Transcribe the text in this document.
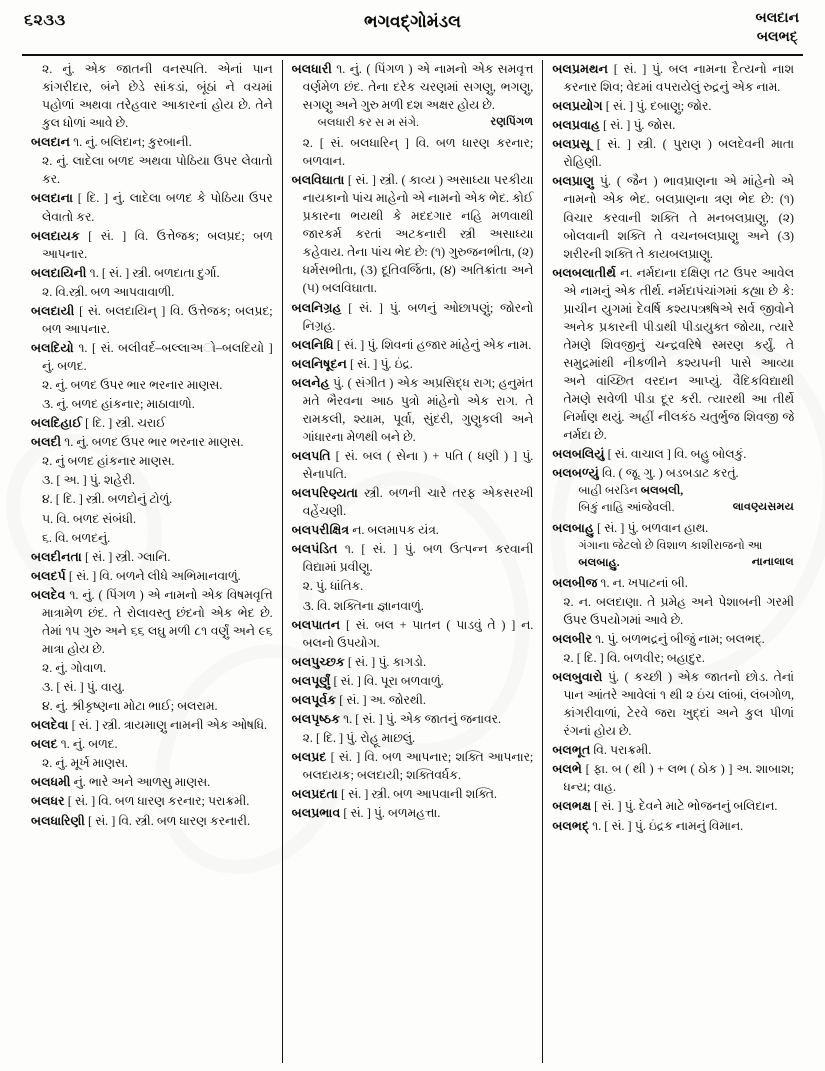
૬૨૩૩	ભગવદ્‌ગોમંડલ	બલદાન
બલભદ્

૨. નું. એક જાતની વનસ્પતિ. એનાં પાન કાંગરીદાર, બંને છેડે સાંકડાં, બૂંઠાં ને વચમાં પહોળાં અથવા તરેહવાર આકારનાં હોય છે. તેને કુલ ધોળાં આવે છે.

બલદાન ૧. નું. બલિદાન; કુરબાની.

૨. નું. લાદેલા બળદ અથવા પોઠિયા ઉપર લેવાતો કર.

બલદાના [ દિ. ] નું. લાદેલા બળદ કે પોઠિયા ઉપર લેવાતો કર.

બલદાયક [ સં. ] વિ. ઉત્તેજક; બલપ્રદ; બળ આપનાર.

બલદાયિની ૧. [ સં. ] સ્ત્રી. બળદાતા દુર્ગા.

૨. વિ.સ્ત્રી. બળ આપવાવાળી.

બલદાયી [ સં. બલદાયિન્ ] વિ. ઉત્તેજક; બલપ્રદ; બળ આપનાર.

બલદિયો ૧. [ સં. બલીવર્દ–બલ્લાઅો–બલદિયો ] નું. બળદ.

૨. નું. બળદ ઉપર ભાર ભરનાર માણસ.

૩. નું. બળદ હાંકનાર; માઠાવાળો.

બલદિહાઈ [ દિ. ] સ્ત્રી. ચરાઈ

બલદી ૧. નું. બળદ ઉપર ભાર ભરનાર માણસ.

૨. નું બળદ હાંકનાર માણસ.

૩. [ અ. ] પું. શહેરી.

૪. [ દિ. ] સ્ત્રી. બળદોનું ટોળું.

૫. વિ. બળદ સંબંધી.

૬. વિ. બળદનું.

બલદીનતા [ સં. ] સ્ત્રી. ગ્લાનિ.

બલદર્પ [ સં. ] વિ. બળને લીધે અભિમાનવાળું.

બલદેવ ૧. નું. ( પિંગળ ) એ નામનો એક વિષમવૃત્તિ માત્રામેળ છંદ. તે રોલાવસ્તુ છંદનો એક ભેદ છે. તેમાં ૧૫ ગુરુ અને ૬૬ લઘુ મળી ૮૧ વર્ણું અને ૯૬ માત્રા હોય છે.

૨. નું. ગોવાળ.

૩. [ સં. ] પું. વાયુ.

૪. નું. શ્રીકૃષ્ણના મોટા ભાઈ; બલરામ.

બલદેવા [ સં. ] સ્ત્રી. ત્રાયમાણુ નામની એક ઓષધિ.

બલદ ૧. નું. બળદ.

૨. નું. મૂર્ખ માણસ.

બલધમી નું. ભારે અને આળસુ માણસ.

બલધર [ સં. ] વિ. બળ ધારણ કરનાર; પરાક્રમી.

બલધારિણી [ સં. ] વિ. સ્ત્રી. બળ ધારણ કરનારી.

બલધારી ૧. નું. ( પિંગળ ) એ નામનો એક સમવૃત્ત વર્ણમેળ છંદ. તેના દરેક ચરણમાં સગણુ, ભગણુ, સગણુ અને ગુરુ મળી દશ અક્ષર હોય છે.

રણપિંગળ
બલધારી કર સ મ સંગે.

૨. [ સં. બલધારિન્ ] વિ. બળ ધારણ કરનાર; બળવાન.

બલવિઘાતા [ સં. ] સ્ત્રી. ( કાવ્ય ) અસાધ્યા પરકીયા નાયકાનો પાંચ માહેનો એ નામનો એક ભેદ. કોઈ પ્રકારના ભયથી કે મદદગાર નહિ મળવાથી જારકર્મ કરતાં અટકનારી સ્ત્રી અસાધ્યા કહેવાય. તેના પાંચ ભેદ છે: (૧) ગુરુજનભીતા, (૨) ધર્મસભીતા, (૩) દૂતિવર્જિતા, (૪) અતિક્રાંતા અને (૫) બલવિઘાતા.

બલનિગ્રહ [ સં. ] પું. બળનું ઓછાપણું; જોરનો નિગ્રહ.

બલનિધિ [ સં. ] પું. શિવનાં હજાર માંહેનું એક નામ.

બલનિષૂદન [ સં. ] પું. ઇંદ્ર.

બલનેહ પું. ( સંગીત ) એક અપ્રસિદ્ધ રાગ; હનુમંત મતે ભૈરવના આઠ પુત્રો માંહેનો એક રાગ. તે રામકલી, શ્યામ, પૂર્વા, સુંદરી, ગુણુકલી અને ગાંધારના મેળથી બને છે.

બલપતિ [ સં. બલ ( સેના ) + પતિ ( ધણી ) ] પું. સેનાપતિ.

બલપરિણ્યતા સ્ત્રી. બળની ચારે તરફ એકસરખી વહેંચણી.

બલપરીક્ષિત્ર ન. બલમાપક યંત્ર.

બલપંડિત ૧. [ સં. ] પું. બળ ઉત્પન્ન કરવાની વિદ્યામાં પ્રવીણુ.

૨. પું. ધાંતિક.

૩. વિ. શક્તિના જ્ઞાનવાળું.

બલપાતન [ સં. બલ + પાતન ( પાડવું તે ) ] ન. બલનો ઉપયોગ.

બલપુચ્છક [ સં. ] પું. કાગડો.

બલપૂર્ણું [ સં. ] વિ. પૂરા બળવાળું.

બલપૂર્વક [ સં. ] અ. જોરથી.

બલપૃષ્ઠક ૧. [ સં. ] પું. એક જાતનું જનાવર.

૨. [ દિ. ] પું. રોહૂ માછલું.

બલપ્રદ [ સં. ] વિ. બળ આપનાર; શક્તિ આપનાર; બલદાયક; બલદાયી; શક્તિવર્ધક.

બલપ્રદતા [ સં. ] સ્ત્રી. બળ આપવાની શક્તિ.

બલપ્રભાવ [ સં. ] પું. બળમહત્તા.

બલપ્રમથન [ સં. ] પું. બલ નામના દૈત્યનો નાશ કરનાર શિવ; વેદમાં વપરાયેલું રુદ્રનું એક નામ.

બલપ્રયોગ [ સં. ] પું. દબાણુ; જોર.

બલપ્રવાહ [ સં. ] પું. જોસ.

બલપ્રસૂ [ સં. ] સ્ત્રી. ( પુરાણ ) બલદેવની માતા રોહિણી.

બલપ્રાણુ પું. ( જૈન ) ભાવપ્રાણના એ માંહેનો એ નામનો એક ભેદ. બલપ્રાણના ત્રણ ભેદ છે: (૧) વિચાર કરવાની શક્તિ તે મનબલપ્રાણુ, (૨) બોલવાની શક્તિ તે વચનબલપ્રાણુ અને (૩) શરીરની શક્તિ તે કાયબલપ્રાણુ.

બલબલાતીર્થ ન. નર્મદાના દક્ષિણ તટ ઉપર આવેલ એ નામનું એક તીર્થ. નર્મદાપંચાંગમાં કહ્યા છે કે: પ્રાચીન યુગમાં દેવર્ષિ કશ્યપઋષિએ સર્વ જીવોને અનેક પ્રકારની પીડાથી પીડાયુક્ત જોયા, ત્યારે તેમણે શિવજીનું ચન્દ્રવરિષે સ્મરણ કર્યું. તે સમુદ્રમાંથી નીકળીને કશ્યપની પાસે આવ્યા અને વાંચ્છિત વરદાન આપ્યું. વૈદિકવિદ્યાથી તેમણે સવેળી પીડા દૂર કરી. ત્યારથી આ તીર્થે નિર્માણ થયું. અહીં નીલકંઠ ચતુર્ભુજ શિવજી જે નર્મદા છે.

બલબલિયું [ સં. વાચાલ ] વિ. બહુ બોલકું.

બલબળ્યું વિ. ( જૂ. ગુ. ) બડબડાટ કરતું.

બાહી બરડિન બલબલી,
લાવણ્યસમય
બિકું નાહિ આંજેવલી.

બલબાહુ [ સં. ] પું. બળવાન હાથ.

ગંગાના જેટલો છે વિશાળ કાશીરાજનો આ
નાનાલાલ
બલબાહુ.

બલબીજ ૧. ન. ખપાટનાં બી.

૨. ન. બલદાણા. તે પ્રમેહ અને પેશાબની ગરમી ઉપર ઉપયોગમાં આવે છે.

બલબીર ૧. પું. બળભદ્રનું બીજું નામ; બલભદ્.

૨. [ દિ. ] વિ. બળવીર; બહાદુર.

બલબુવારો પું. ( કચ્છી ) એક જાતનો છોડ. તેનાં પાન આંતરે આવેલાં ૧ થી ૨ ઇંચ લાંબાં, લંબગોળ, કાંગરીવાળાં, ટેરવે જરા ખુદ્દાં અને કુલ પીળાં રંગનાં હોય છે.

બલભૂત વિ. પરાક્રમી.

બલભે [ ફા. બ ( થી ) + લભ ( ઠોક ) ] અ. શાબાશ; ધન્ય; વાહ.

બલભક્ષ [ સં. ] પું. દેવને માટે ભોજનનું બલિદાન.

બલભદ્ ૧. [ સં. ] પું. ઇંદ્રક નામનું વિમાન.
